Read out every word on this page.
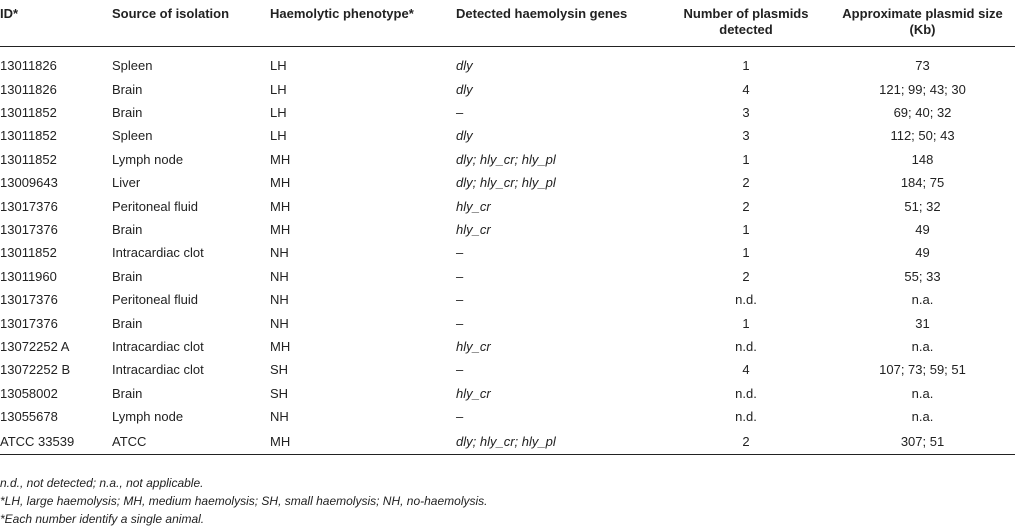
ID*	Source of isolation	Haemolytic phenotype*	Detected haemolysin genes	Number of plasmids detected	Approximate plasmid size (Kb)
13011826	Spleen	LH	dly	1	73
13011826	Brain	LH	dly	4	121; 99; 43; 30
13011852	Brain	LH	–	3	69; 40; 32
13011852	Spleen	LH	dly	3	112; 50; 43
13011852	Lymph node	MH	dly; hly_cr; hly_pl	1	148
13009643	Liver	MH	dly; hly_cr; hly_pl	2	184; 75
13017376	Peritoneal fluid	MH	hly_cr	2	51; 32
13017376	Brain	MH	hly_cr	1	49
13011852	Intracardiac clot	NH	–	1	49
13011960	Brain	NH	–	2	55; 33
13017376	Peritoneal fluid	NH	–	n.d.	n.a.
13017376	Brain	NH	–	1	31
13072252 A	Intracardiac clot	MH	hly_cr	n.d.	n.a.
13072252 B	Intracardiac clot	SH	–	4	107; 73; 59; 51
13058002	Brain	SH	hly_cr	n.d.	n.a.
13055678	Lymph node	NH	–	n.d.	n.a.
ATCC 33539	ATCC	MH	dly; hly_cr; hly_pl	2	307; 51

n.d., not detected; n.a., not applicable.

*LH, large haemolysis; MH, medium haemolysis; SH, small haemolysis; NH, no-haemolysis.

*Each number identify a single animal.
